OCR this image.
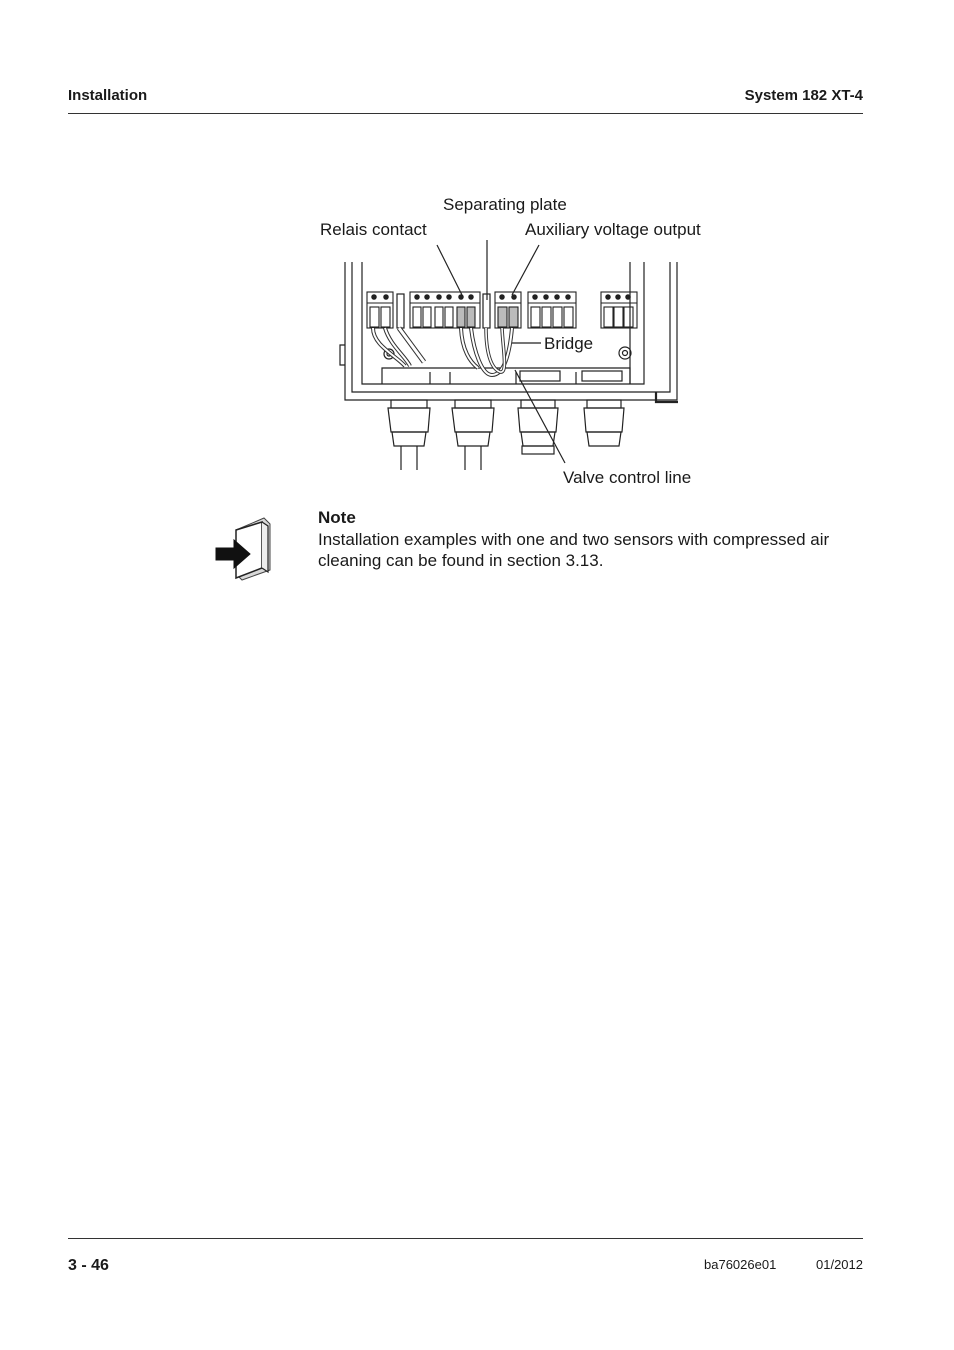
Installation	System 182 XT-4
Separating plate
Relais contact	Auxiliary voltage output
Bridge
Valve control line
Note
Installation examples with one and two sensors with compressed air cleaning can be found in section 3.13.
3 - 46	ba76026e01	01/2012
